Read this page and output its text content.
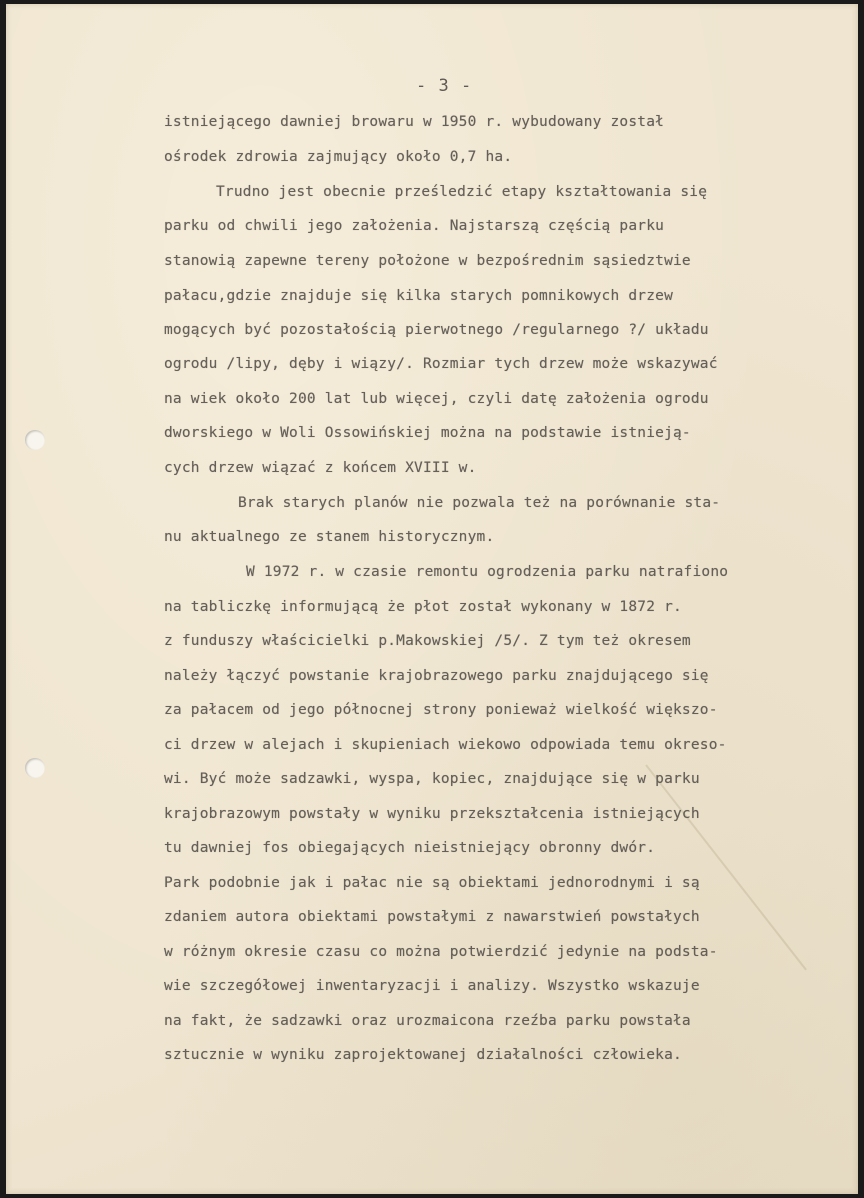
- 3 -
istniejącego dawniej browaru w 1950 r. wybudowany został
ośrodek zdrowia zajmujący około 0,7 ha.
Trudno jest obecnie prześledzić etapy kształtowania się
parku od chwili jego założenia. Najstarszą częścią parku
stanowią zapewne tereny położone w bezpośrednim sąsiedztwie
pałacu,gdzie znajduje się kilka starych pomnikowych drzew
mogących być pozostałością pierwotnego /regularnego ?/ układu
ogrodu /lipy, dęby i wiązy/. Rozmiar tych drzew może wskazywać
na wiek około 200 lat lub więcej, czyli datę założenia ogrodu
dworskiego w Woli Ossowińskiej można na podstawie istnieją-
cych drzew wiązać z końcem XVIII w.
Brak starych planów nie pozwala też na porównanie sta-
nu aktualnego ze stanem historycznym.
W 1972 r. w czasie remontu ogrodzenia parku natrafiono
na tabliczkę informującą że płot został wykonany w 1872 r.
z funduszy właścicielki p.Makowskiej /5/. Z tym też okresem
należy łączyć powstanie krajobrazowego parku znajdującego się
za pałacem od jego północnej strony ponieważ wielkość większo-
ci drzew w alejach i skupieniach wiekowo odpowiada temu okreso-
wi. Być może sadzawki, wyspa, kopiec, znajdujące się w parku
krajobrazowym powstały w wyniku przekształcenia istniejących
tu dawniej fos obiegających nieistniejący obronny dwór.
Park podobnie jak i pałac nie są obiektami jednorodnymi i są
zdaniem autora obiektami powstałymi z nawarstwień powstałych
w różnym okresie czasu co można potwierdzić jedynie na podsta-
wie szczegółowej inwentaryzacji i analizy. Wszystko wskazuje
na fakt, że sadzawki oraz urozmaicona rzeźba parku powstała
sztucznie w wyniku zaprojektowanej działalności człowieka.
